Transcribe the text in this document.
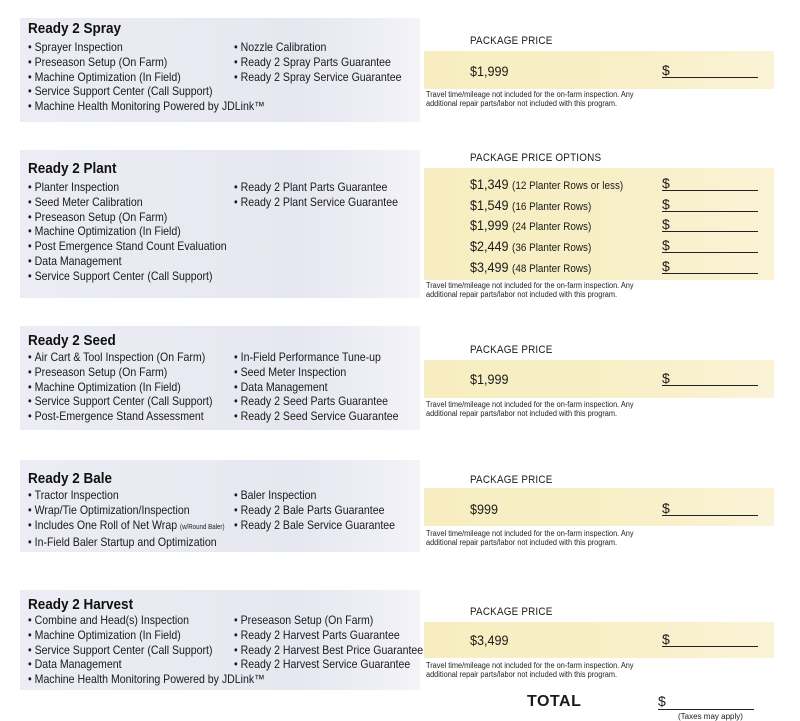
Ready 2 Spray
• Sprayer Inspection
• Preseason Setup (On Farm)
• Machine Optimization (In Field)
• Service Support Center (Call Support)
• Machine Health Monitoring Powered by JDLink™
• Nozzle Calibration
• Ready 2 Spray Parts Guarantee
• Ready 2 Spray Service Guarantee
PACKAGE PRICE
$1,999	$
Travel time/mileage not included for the on-farm inspection. Any additional repair parts/labor not included with this program.
Ready 2 Plant
• Planter Inspection
• Seed Meter Calibration
• Preseason Setup (On Farm)
• Machine Optimization (In Field)
• Post Emergence Stand Count Evaluation
• Data Management
• Service Support Center (Call Support)
• Ready 2 Plant Parts Guarantee
• Ready 2 Plant Service Guarantee
PACKAGE PRICE OPTIONS
$1,349 (12 Planter Rows or less)	$
$1,549 (16 Planter Rows)	$
$1,999 (24 Planter Rows)	$
$2,449 (36 Planter Rows)	$
$3,499 (48 Planter Rows)	$
Travel time/mileage not included for the on-farm inspection. Any additional repair parts/labor not included with this program.
Ready 2 Seed
• Air Cart & Tool Inspection (On Farm)
• Preseason Setup (On Farm)
• Machine Optimization (In Field)
• Service Support Center (Call Support)
• Post-Emergence Stand Assessment
• In-Field Performance Tune-up
• Seed Meter Inspection
• Data Management
• Ready 2 Seed Parts Guarantee
• Ready 2 Seed Service Guarantee
PACKAGE PRICE
$1,999	$
Travel time/mileage not included for the on-farm inspection. Any additional repair parts/labor not included with this program.
Ready 2 Bale
• Tractor Inspection
• Wrap/Tie Optimization/Inspection
• Includes One Roll of Net Wrap (w/Round Baler)
• In-Field Baler Startup and Optimization
• Baler Inspection
• Ready 2 Bale Parts Guarantee
• Ready 2 Bale Service Guarantee
PACKAGE PRICE
$999	$
Travel time/mileage not included for the on-farm inspection. Any additional repair parts/labor not included with this program.
Ready 2 Harvest
• Combine and Head(s) Inspection
• Machine Optimization (In Field)
• Service Support Center (Call Support)
• Data Management
• Machine Health Monitoring Powered by JDLink™
• Preseason Setup (On Farm)
• Ready 2 Harvest Parts Guarantee
• Ready 2 Harvest Best Price Guarantee
• Ready 2 Harvest Service Guarantee
PACKAGE PRICE
$3,499	$
Travel time/mileage not included for the on-farm inspection. Any additional repair parts/labor not included with this program.
TOTAL	$
(Taxes may apply)
